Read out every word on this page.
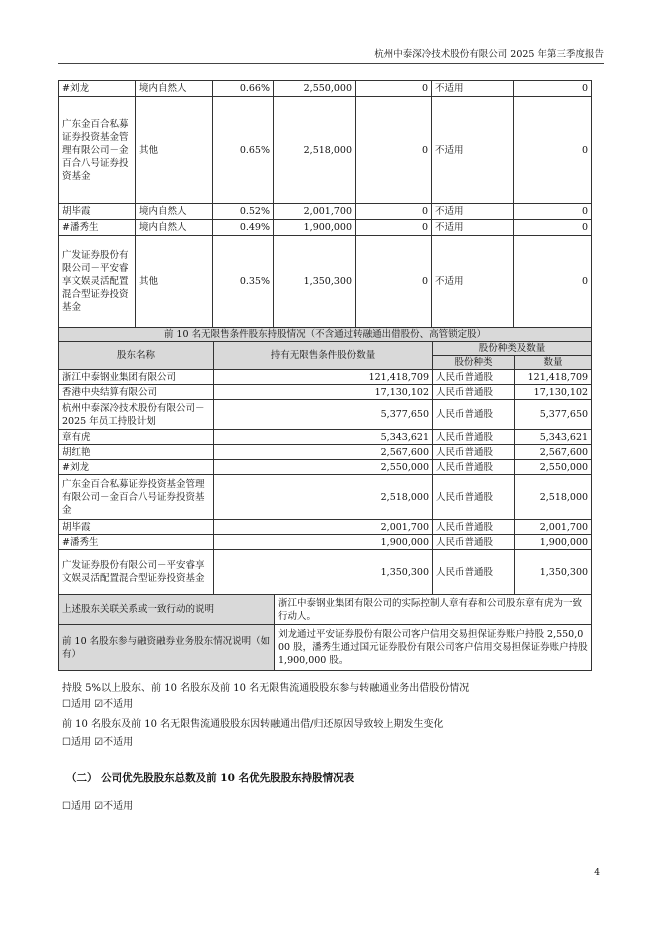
杭州中泰深冷技术股份有限公司 2025 年第三季度报告
#刘龙	境内自然人	0.66%	2,550,000	0	不适用	0
广东金百合私募证券投资基金管理有限公司－金百合八号证券投资基金	其他	0.65%	2,518,000	0	不适用	0
胡毕霞	境内自然人	0.52%	2,001,700	0	不适用	0
#潘秀生	境内自然人	0.49%	1,900,000	0	不适用	0
广发证券股份有限公司－平安睿享文娱灵活配置混合型证券投资基金	其他	0.35%	1,350,300	0	不适用	0
前 10 名无限售条件股东持股情况（不含通过转融通出借股份、高管锁定股）				
股东名称	持有无限售条件股份数量		股份种类及数量	
			股份种类	数量
浙江中泰钢业集团有限公司	121,418,709		人民币普通股	121,418,709
香港中央结算有限公司	17,130,102		人民币普通股	17,130,102
杭州中泰深冷技术股份有限公司－2025 年员工持股计划	5,377,650		人民币普通股	5,377,650
章有虎	5,343,621		人民币普通股	5,343,621
胡红艳	2,567,600		人民币普通股	2,567,600
#刘龙	2,550,000		人民币普通股	2,550,000
广东金百合私募证券投资基金管理有限公司－金百合八号证券投资基金	2,518,000		人民币普通股	2,518,000
胡毕霞	2,001,700		人民币普通股	2,001,700
#潘秀生	1,900,000		人民币普通股	1,900,000
广发证券股份有限公司－平安睿享文娱灵活配置混合型证券投资基金	1,350,300		人民币普通股	1,350,300
上述股东关联关系或一致行动的说明		浙江中泰钢业集团有限公司的实际控制人章有春和公司股东章有虎为一致行动人。		
前 10 名股东参与融资融券业务股东情况说明（如有）		刘龙通过平安证券股份有限公司客户信用交易担保证券账户持股 2,550,000 股，潘秀生通过国元证券股份有限公司客户信用交易担保证券账户持股 1,900,000 股。		
持股 5%以上股东、前 10 名股东及前 10 名无限售流通股股东参与转融通业务出借股份情况
☐适用 ☑不适用
前 10 名股东及前 10 名无限售流通股股东因转融通出借/归还原因导致较上期发生变化
☐适用 ☑不适用
（二） 公司优先股股东总数及前 10 名优先股股东持股情况表
☐适用 ☑不适用
4
